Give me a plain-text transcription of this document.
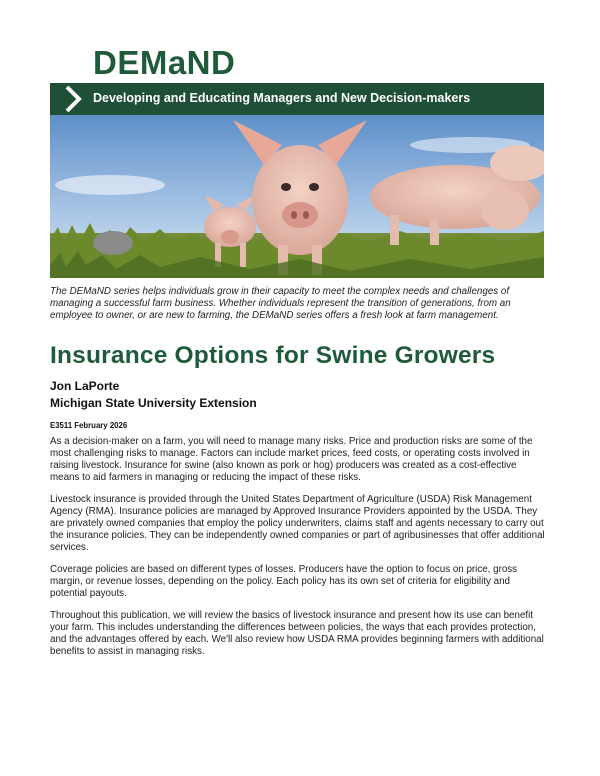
DEMaND
Developing and Educating Managers and New Decision-makers
The DEMaND series helps individuals grow in their capacity to meet the complex needs and challenges of managing a successful farm business. Whether individuals represent the transition of generations, from an employee to owner, or are new to farming, the DEMaND series offers a fresh look at farm management.
Insurance Options for Swine Growers
Jon LaPorte
Michigan State University Extension
E3511 February 2026

As a decision-maker on a farm, you will need to manage many risks. Price and production risks are some of the most challenging risks to manage. Factors can include market prices, feed costs, or operating costs involved in raising livestock. Insurance for swine (also known as pork or hog) producers was created as a cost-effective means to aid farmers in managing or reducing the impact of these risks.

Livestock insurance is provided through the United States Department of Agriculture (USDA) Risk Management Agency (RMA). Insurance policies are managed by Approved Insurance Providers appointed by the USDA. They are privately owned companies that employ the policy underwriters, claims staff and agents necessary to carry out the insurance policies. They can be independently owned companies or part of agribusinesses that offer additional services.

Coverage policies are based on different types of losses. Producers have the option to focus on price, gross margin, or revenue losses, depending on the policy. Each policy has its own set of criteria for eligibility and potential payouts.

Throughout this publication, we will review the basics of livestock insurance and present how its use can benefit your farm. This includes understanding the differences between policies, the ways that each provides protection, and the advantages offered by each. We'll also review how USDA RMA provides beginning farmers with additional benefits to assist in managing risks.
